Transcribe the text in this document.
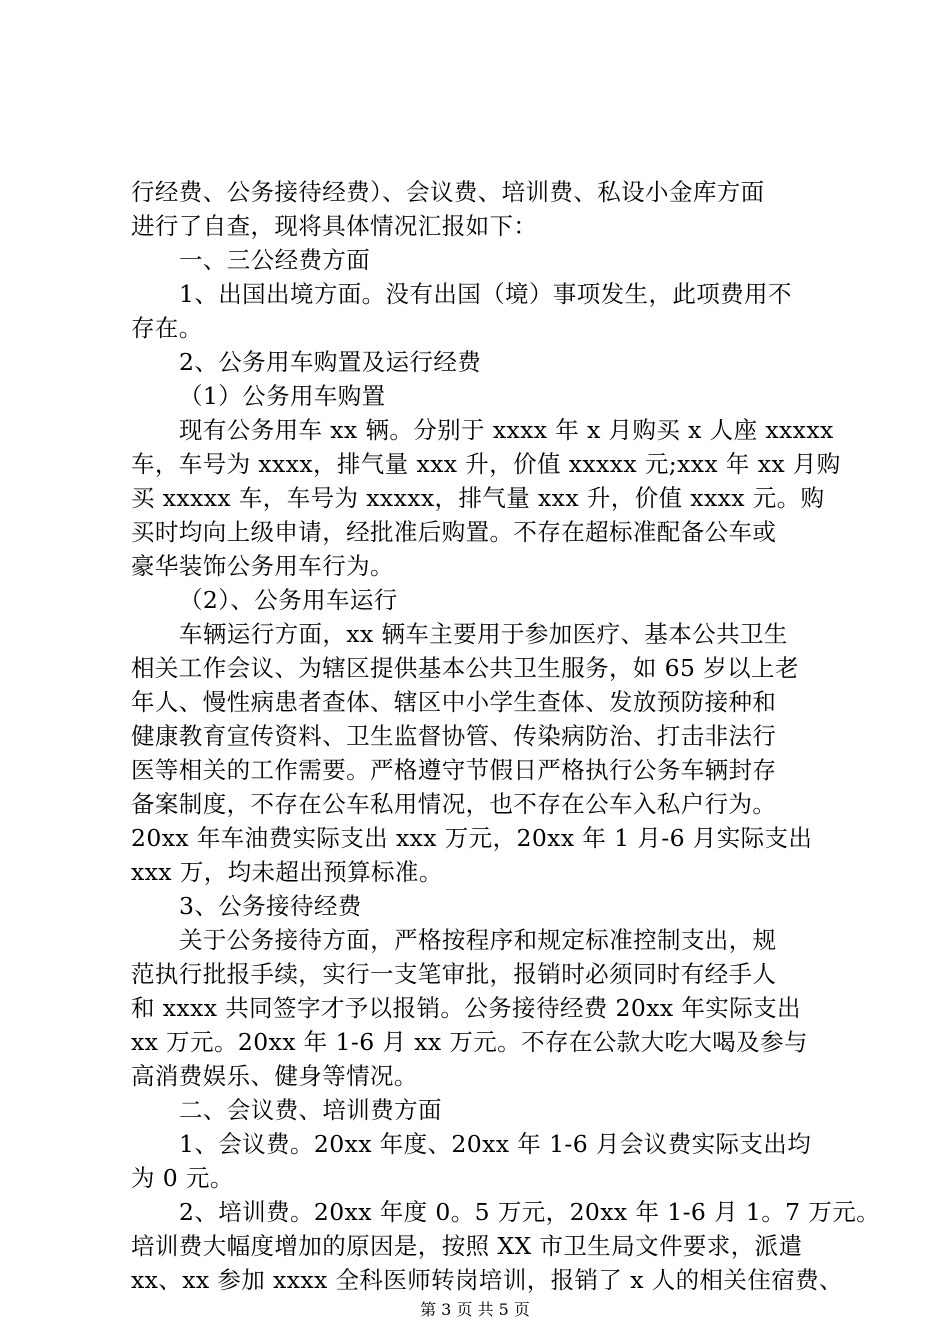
行经费、公务接待经费）、会议费、培训费、私设小金库方面
进行了自查，现将具体情况汇报如下：
一、三公经费方面
1、出国出境方面。没有出国（境）事项发生，此项费用不
存在。
2、公务用车购置及运行经费
（1）公务用车购置
现有公务用车 xx 辆。分别于 xxxx 年 x 月购买 x 人座 xxxxx
车，车号为 xxxx，排气量 xxx 升，价值 xxxxx 元;xxx 年 xx 月购
买 xxxxx 车，车号为 xxxxx，排气量 xxx 升，价值 xxxx 元。购
买时均向上级申请，经批准后购置。不存在超标准配备公车或
豪华装饰公务用车行为。
（2）、公务用车运行
车辆运行方面，xx 辆车主要用于参加医疗、基本公共卫生
相关工作会议、为辖区提供基本公共卫生服务，如 65 岁以上老
年人、慢性病患者查体、辖区中小学生查体、发放预防接种和
健康教育宣传资料、卫生监督协管、传染病防治、打击非法行
医等相关的工作需要。严格遵守节假日严格执行公务车辆封存
备案制度，不存在公车私用情况，也不存在公车入私户行为。
20xx 年车油费实际支出 xxx 万元，20xx 年 1 月-6 月实际支出
xxx 万，均未超出预算标准。
3、公务接待经费
关于公务接待方面，严格按程序和规定标准控制支出，规
范执行批报手续，实行一支笔审批，报销时必须同时有经手人
和 xxxx 共同签字才予以报销。公务接待经费 20xx 年实际支出
xx 万元。20xx 年 1-6 月 xx 万元。不存在公款大吃大喝及参与
高消费娱乐、健身等情况。
二、会议费、培训费方面
1、会议费。20xx 年度、20xx 年 1-6 月会议费实际支出均
为 0 元。
2、培训费。20xx 年度 0。5 万元，20xx 年 1-6 月 1。7 万元。
培训费大幅度增加的原因是，按照 XX 市卫生局文件要求，派遣
xx、xx 参加 xxxx 全科医师转岗培训，报销了 x 人的相关住宿费、
第 3 页 共 5 页
